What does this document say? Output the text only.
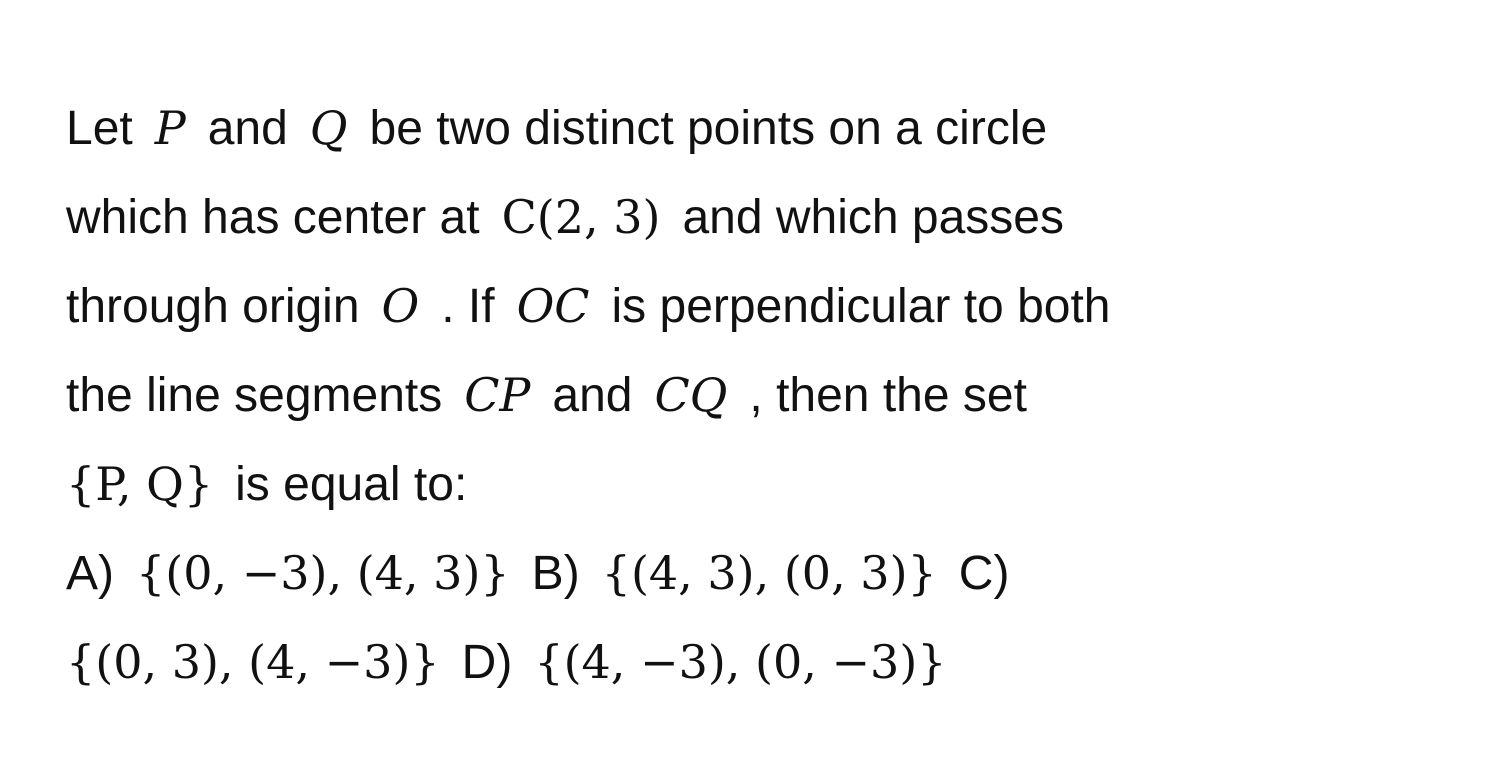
Let P and Q be two distinct points on a circle
which has center at C(2, 3) and which passes
through origin O . If OC is perpendicular to both
the line segments CP and CQ , then the set
{P, Q} is equal to:
A) {(0, −3), (4, 3)} B) {(4, 3), (0, 3)} C)
{(0, 3), (4, −3)} D) {(4, −3), (0, −3)}
